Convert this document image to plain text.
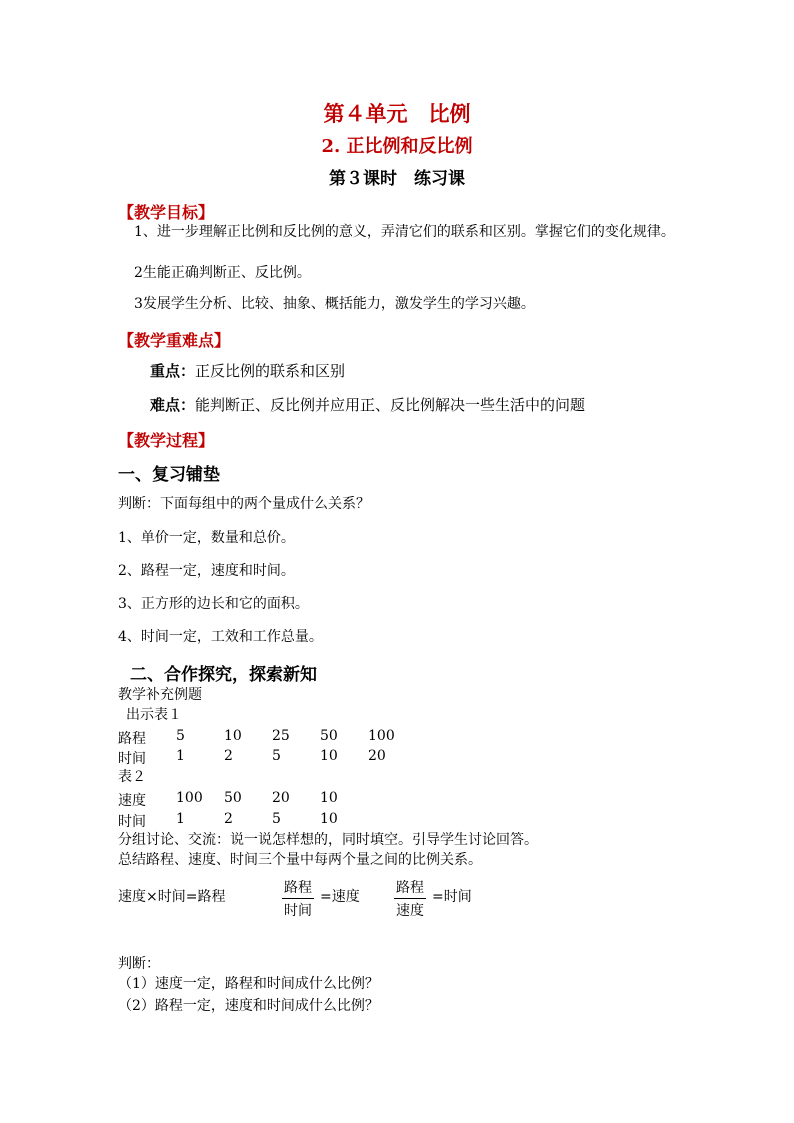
第４单元　比例
2. 正比例和反比例
第３课时　练习课
【教学目标】
1、进一步理解正比例和反比例的意义，弄清它们的联系和区别。掌握它们的变化规律。
2生能正确判断正、反比例。
3发展学生分析、比较、抽象、概括能力，激发学生的学习兴趣。
【教学重难点】
重点：正反比例的联系和区别
难点：能判断正、反比例并应用正、反比例解决一些生活中的问题
【教学过程】
一、复习铺垫
判断：下面每组中的两个量成什么关系？
1、单价一定，数量和总价。
2、路程一定，速度和时间。
3、正方形的边长和它的面积。
4、时间一定，工效和工作总量。
二、合作探究，探索新知
教学补充例题
出示表１
路程 5	10 25 50 100
时间 1	2	5	10 20
表２
速度 100 50 20 10
时间 1	2	5	10
分组讨论、交流：说一说怎样想的，同时填空。引导学生讨论回答。
总结路程、速度、时间三个量中每两个量之间的比例关系。
速度×时间=路程
路程
时间
=速度
路程
速度
=时间
判断：
（1）速度一定，路程和时间成什么比例？
（2）路程一定，速度和时间成什么比例？
